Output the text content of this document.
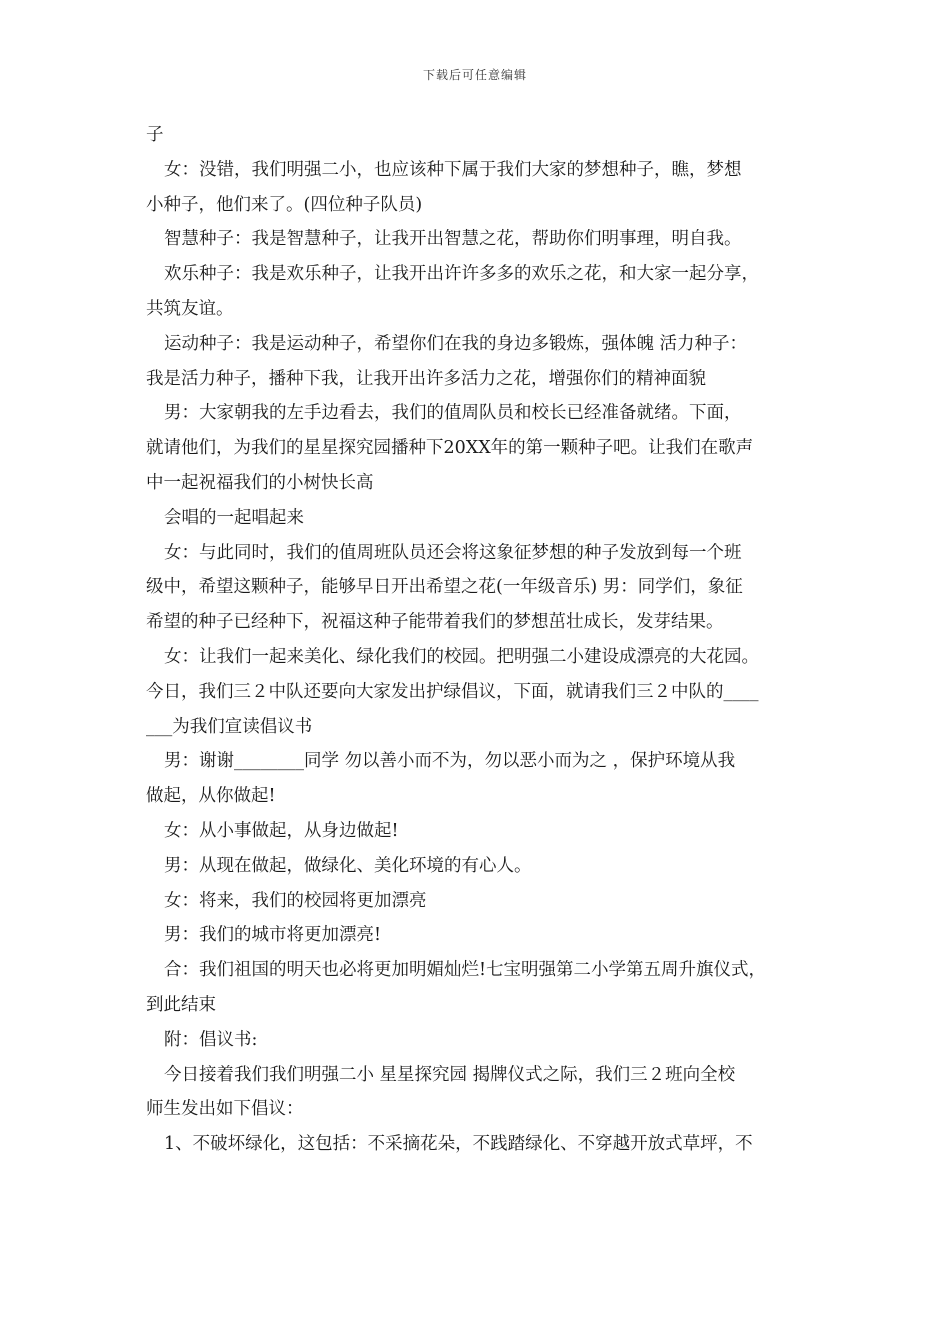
下载后可任意编辑
子
女：没错，我们明强二小，也应该种下属于我们大家的梦想种子，瞧，梦想
小种子，他们来了。(四位种子队员)
智慧种子：我是智慧种子，让我开出智慧之花，帮助你们明事理，明自我。
欢乐种子：我是欢乐种子，让我开出许许多多的欢乐之花，和大家一起分享，
共筑友谊。
运动种子：我是运动种子，希望你们在我的身边多锻炼，强体魄 活力种子：
我是活力种子，播种下我，让我开出许多活力之花，增强你们的精神面貌
男：大家朝我的左手边看去，我们的值周队员和校长已经准备就绪。下面，
就请他们，为我们的星星探究园播种下20XX年的第一颗种子吧。让我们在歌声
中一起祝福我们的小树快长高
会唱的一起唱起来
女：与此同时，我们的值周班队员还会将这象征梦想的种子发放到每一个班
级中，希望这颗种子，能够早日开出希望之花(一年级音乐) 男：同学们，象征
希望的种子已经种下，祝福这种子能带着我们的梦想茁壮成长，发芽结果。
女：让我们一起来美化、绿化我们的校园。把明强二小建设成漂亮的大花园。
今日，我们三２中队还要向大家发出护绿倡议，下面，就请我们三２中队的____
___为我们宣读倡议书
男：谢谢________同学 勿以善小而不为，勿以恶小而为之 ，保护环境从我
做起，从你做起!
女：从小事做起，从身边做起!
男：从现在做起，做绿化、美化环境的有心人。
女：将来，我们的校园将更加漂亮
男：我们的城市将更加漂亮!
合：我们祖国的明天也必将更加明媚灿烂!七宝明强第二小学第五周升旗仪式，
到此结束
附：倡议书:
今日接着我们我们明强二小 星星探究园 揭牌仪式之际，我们三２班向全校
师生发出如下倡议：
1、不破坏绿化，这包括：不采摘花朵，不践踏绿化、不穿越开放式草坪，不
